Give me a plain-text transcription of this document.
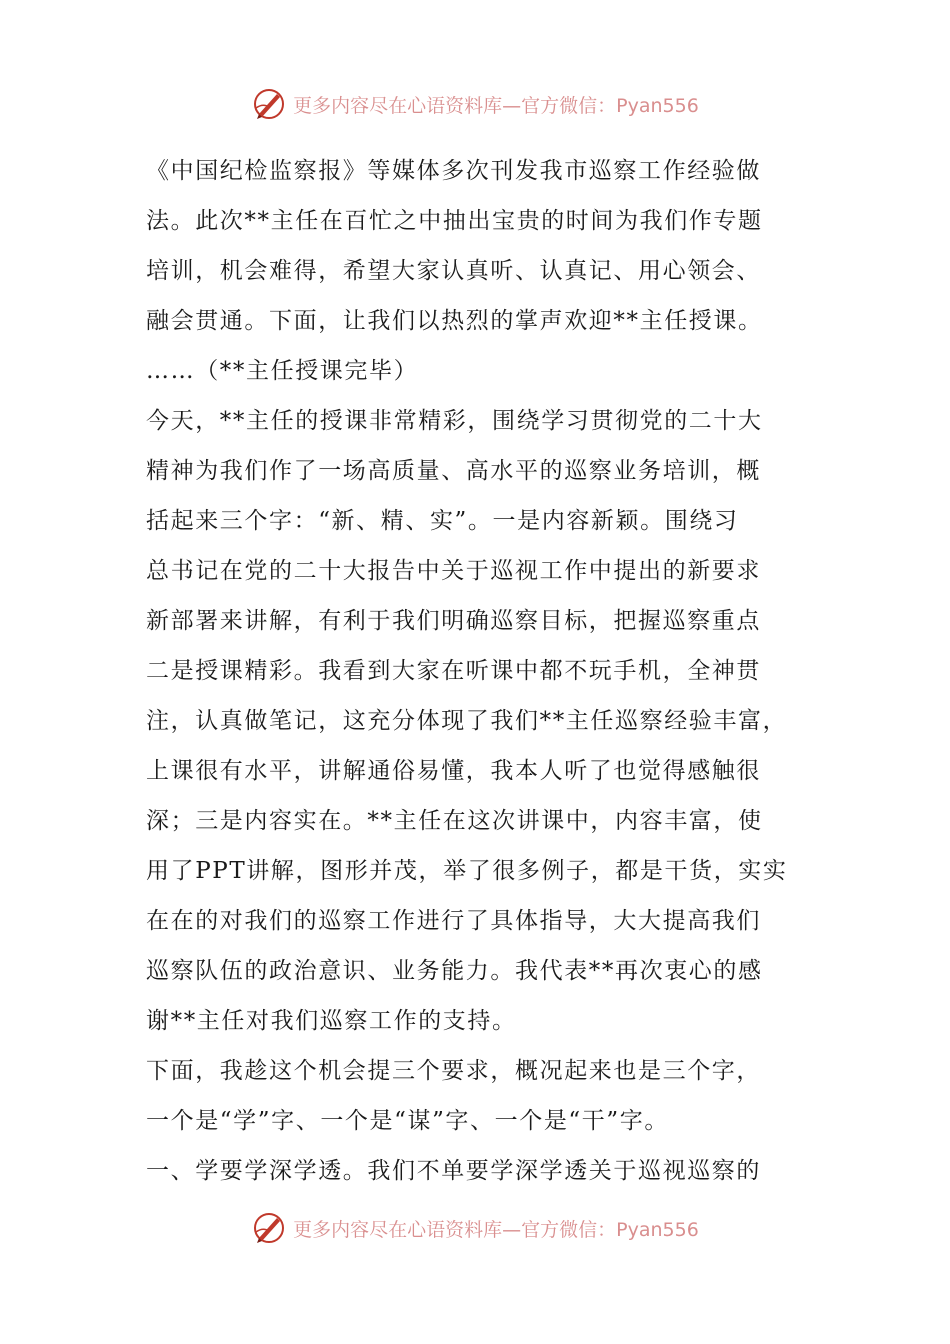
更多内容尽在心语资料库—官方微信：Pyan556
《中国纪检监察报》等媒体多次刊发我市巡察工作经验做
法。此次**主任在百忙之中抽出宝贵的时间为我们作专题
培训，机会难得，希望大家认真听、认真记、用心领会、
融会贯通。下面，让我们以热烈的掌声欢迎**主任授课。
……（**主任授课完毕）
今天，**主任的授课非常精彩，围绕学习贯彻党的二十大
精神为我们作了一场高质量、高水平的巡察业务培训，概
括起来三个字：“新、精、实”。一是内容新颖。围绕习
总书记在党的二十大报告中关于巡视工作中提出的新要求
新部署来讲解，有利于我们明确巡察目标，把握巡察重点
二是授课精彩。我看到大家在听课中都不玩手机，全神贯
注，认真做笔记，这充分体现了我们**主任巡察经验丰富，
上课很有水平，讲解通俗易懂，我本人听了也觉得感触很
深；三是内容实在。**主任在这次讲课中，内容丰富，使
用了PPT讲解，图形并茂，举了很多例子，都是干货，实实
在在的对我们的巡察工作进行了具体指导，大大提高我们
巡察队伍的政治意识、业务能力。我代表**再次衷心的感
谢**主任对我们巡察工作的支持。
下面，我趁这个机会提三个要求，概况起来也是三个字，
一个是“学”字、一个是“谋”字、一个是“干”字。
一、学要学深学透。我们不单要学深学透关于巡视巡察的
更多内容尽在心语资料库—官方微信：Pyan556
